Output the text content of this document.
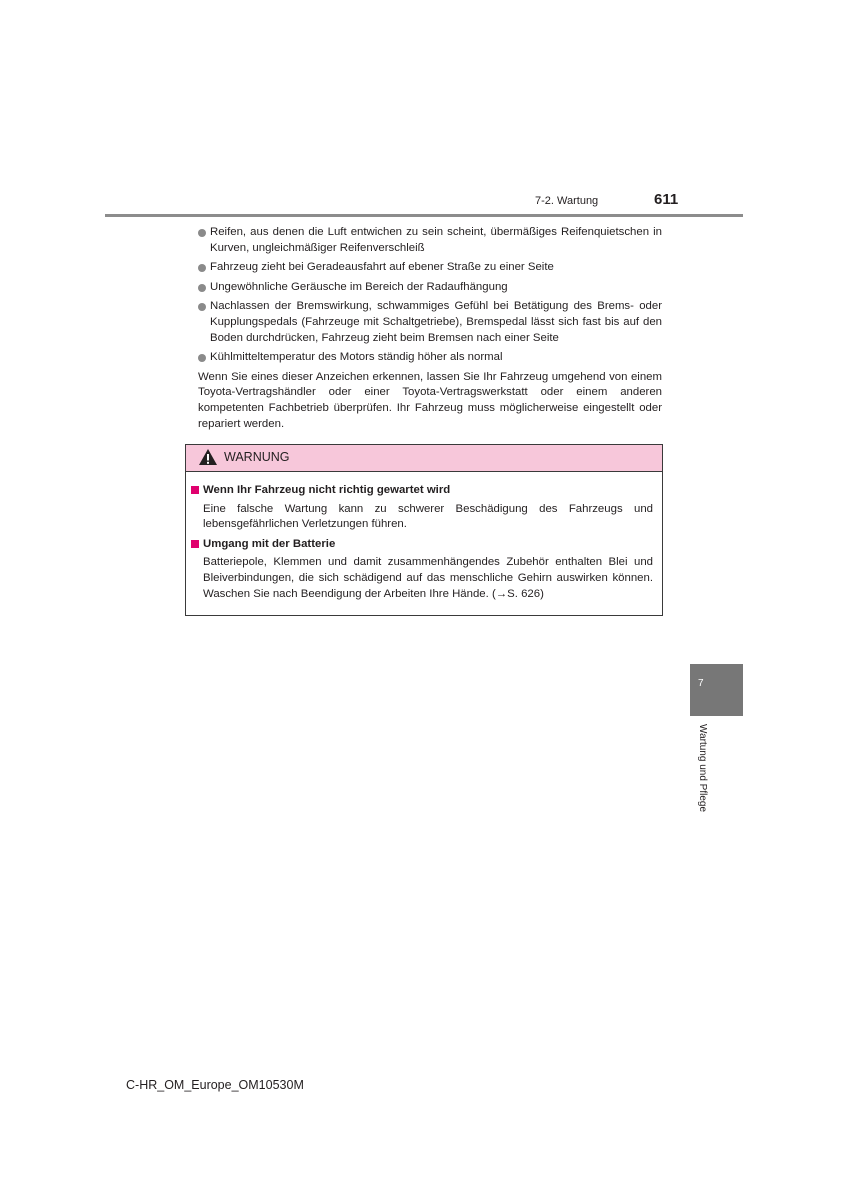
7-2. Wartung	611
Reifen, aus denen die Luft entwichen zu sein scheint, übermäßiges Reifenquietschen in Kurven, ungleichmäßiger Reifenverschleiß
Fahrzeug zieht bei Geradeausfahrt auf ebener Straße zu einer Seite
Ungewöhnliche Geräusche im Bereich der Radaufhängung
Nachlassen der Bremswirkung, schwammiges Gefühl bei Betätigung des Brems- oder Kupplungspedals (Fahrzeuge mit Schaltgetriebe), Bremspedal lässt sich fast bis auf den Boden durchdrücken, Fahrzeug zieht beim Bremsen nach einer Seite
Kühlmitteltemperatur des Motors ständig höher als normal
Wenn Sie eines dieser Anzeichen erkennen, lassen Sie Ihr Fahrzeug umgehend von einem Toyota-Vertragshändler oder einer Toyota-Vertragswerkstatt oder einem anderen kompetenten Fachbetrieb überprüfen. Ihr Fahrzeug muss möglicherweise eingestellt oder repariert werden.
WARNUNG
Wenn Ihr Fahrzeug nicht richtig gewartet wird
Eine falsche Wartung kann zu schwerer Beschädigung des Fahrzeugs und lebensgefährlichen Verletzungen führen.
Umgang mit der Batterie
Batteriepole, Klemmen und damit zusammenhängendes Zubehör enthalten Blei und Bleiverbindungen, die sich schädigend auf das menschliche Gehirn auswirken können. Waschen Sie nach Beendigung der Arbeiten Ihre Hände. (→S. 626)
7
Wartung und Pflege
C-HR_OM_Europe_OM10530M
